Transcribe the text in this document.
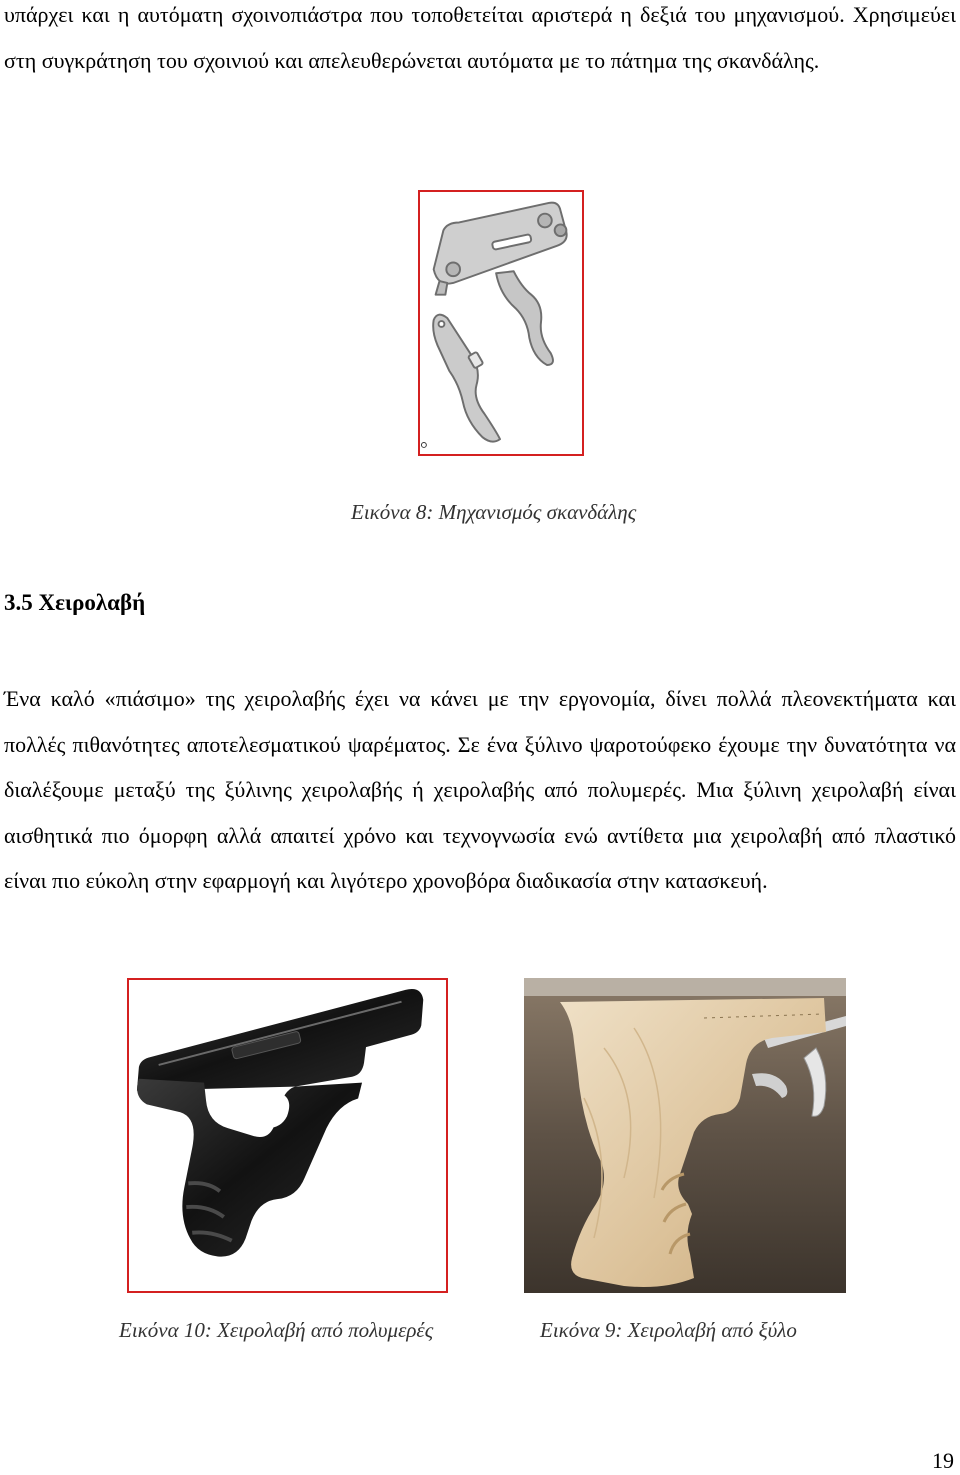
υπάρχει και η αυτόματη σχοινοπιάστρα που τοποθετείται αριστερά η δεξιά του μηχανισμού. Χρησιμεύει στη συγκράτηση του σχοινιού και απελευθερώνεται αυτόματα με το πάτημα της σκανδάλης.

Εικόνα 8: Μηχανισμός σκανδάλης
3.5 Χειρολαβή

Ένα καλό «πιάσιμο» της χειρολαβής έχει να κάνει με την εργονομία, δίνει πολλά πλεονεκτήματα και πολλές πιθανότητες αποτελεσματικού ψαρέματος. Σε ένα ξύλινο ψαροτούφεκο έχουμε την δυνατότητα να διαλέξουμε μεταξύ της ξύλινης χειρολαβής ή χειρολαβής από πολυμερές. Μια ξύλινη χειρολαβή είναι αισθητικά πιο όμορφη αλλά απαιτεί χρόνο και τεχνογνωσία ενώ αντίθετα μια χειρολαβή από πλαστικό είναι πιο εύκολη στην εφαρμογή και λιγότερο χρονοβόρα διαδικασία στην κατασκευή.

Εικόνα 10: Χειρολαβή από πολυμερές	Εικόνα 9: Χειρολαβή από ξύλο
19
